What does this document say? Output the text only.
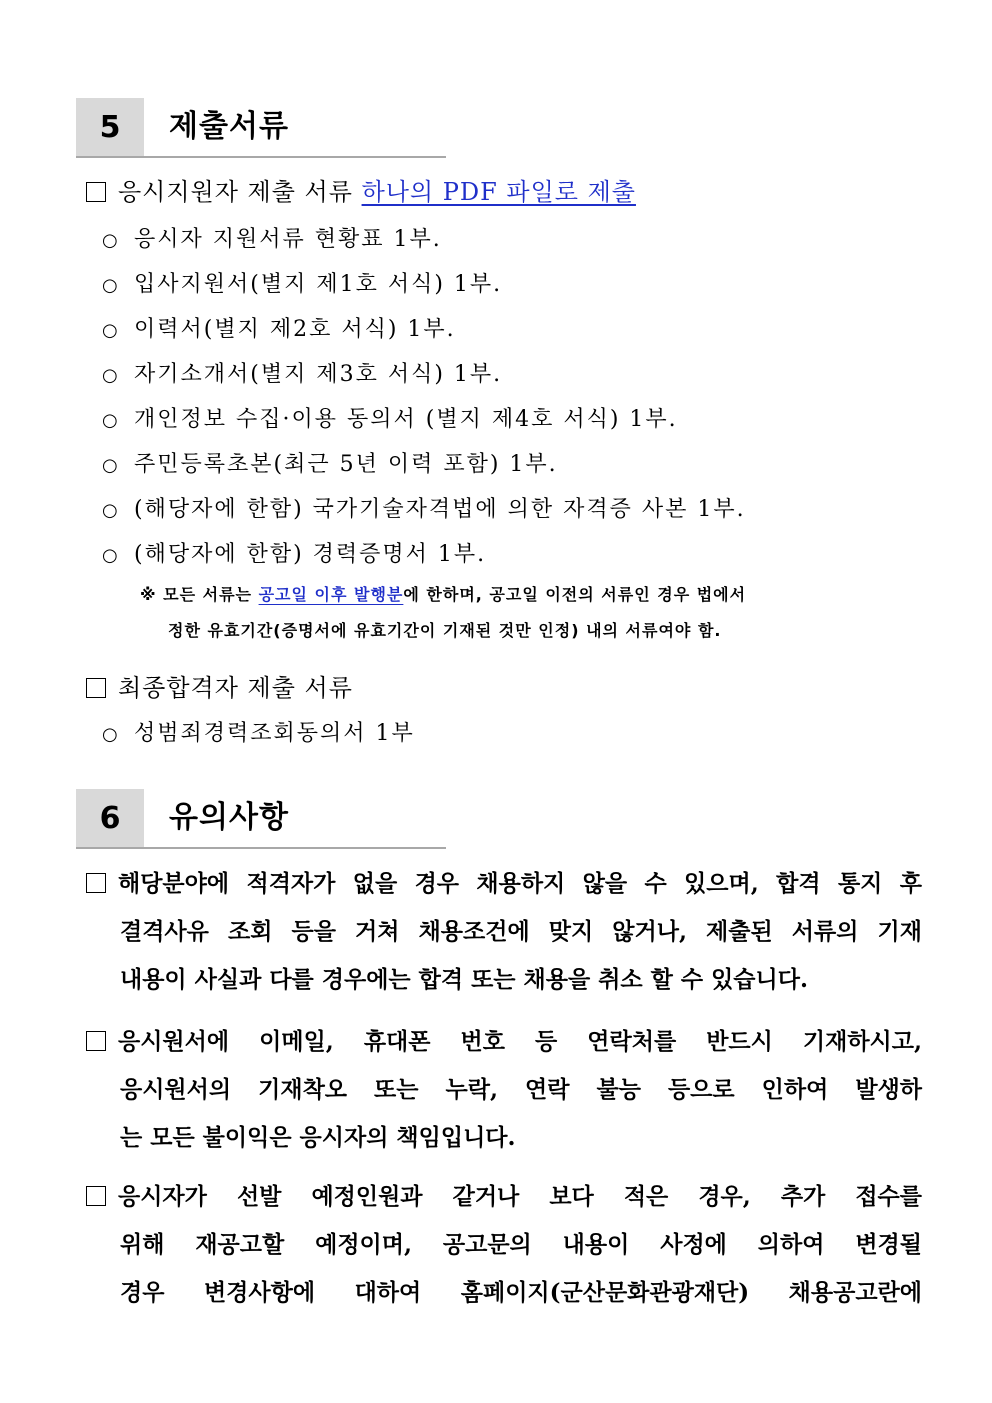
5	제출서류
응시지원자 제출 서류 하나의 PDF 파일로 제출
○ 응시자 지원서류 현황표 1부.
○ 입사지원서(별지 제1호 서식) 1부.
○ 이력서(별지 제2호 서식) 1부.
○ 자기소개서(별지 제3호 서식) 1부.
○ 개인정보 수집·이용 동의서 (별지 제4호 서식) 1부.
○ 주민등록초본(최근 5년 이력 포함) 1부.
○ (해당자에 한함) 국가기술자격법에 의한 자격증 사본 1부.
○ (해당자에 한함) 경력증명서 1부.
※ 모든 서류는 공고일 이후 발행분에 한하며, 공고일 이전의 서류인 경우 법에서
정한 유효기간(증명서에 유효기간이 기재된 것만 인정) 내의 서류여야 함.
최종합격자 제출 서류
○ 성범죄경력조회동의서 1부
6	유의사항
해당분야에 적격자가 없을 경우 채용하지 않을 수 있으며, 합격 통지 후
결격사유 조회 등을 거쳐 채용조건에 맞지 않거나, 제출된 서류의 기재
내용이 사실과 다를 경우에는 합격 또는 채용을 취소 할 수 있습니다.
응시원서에 이메일, 휴대폰 번호 등 연락처를 반드시 기재하시고,
응시원서의 기재착오 또는 누락, 연락 불능 등으로 인하여 발생하
는 모든 불이익은 응시자의 책임입니다.
응시자가 선발 예정인원과 같거나 보다 적은 경우, 추가 접수를
위해 재공고할 예정이며, 공고문의 내용이 사정에 의하여 변경될
경우 변경사항에 대하여 홈페이지(군산문화관광재단) 채용공고란에
